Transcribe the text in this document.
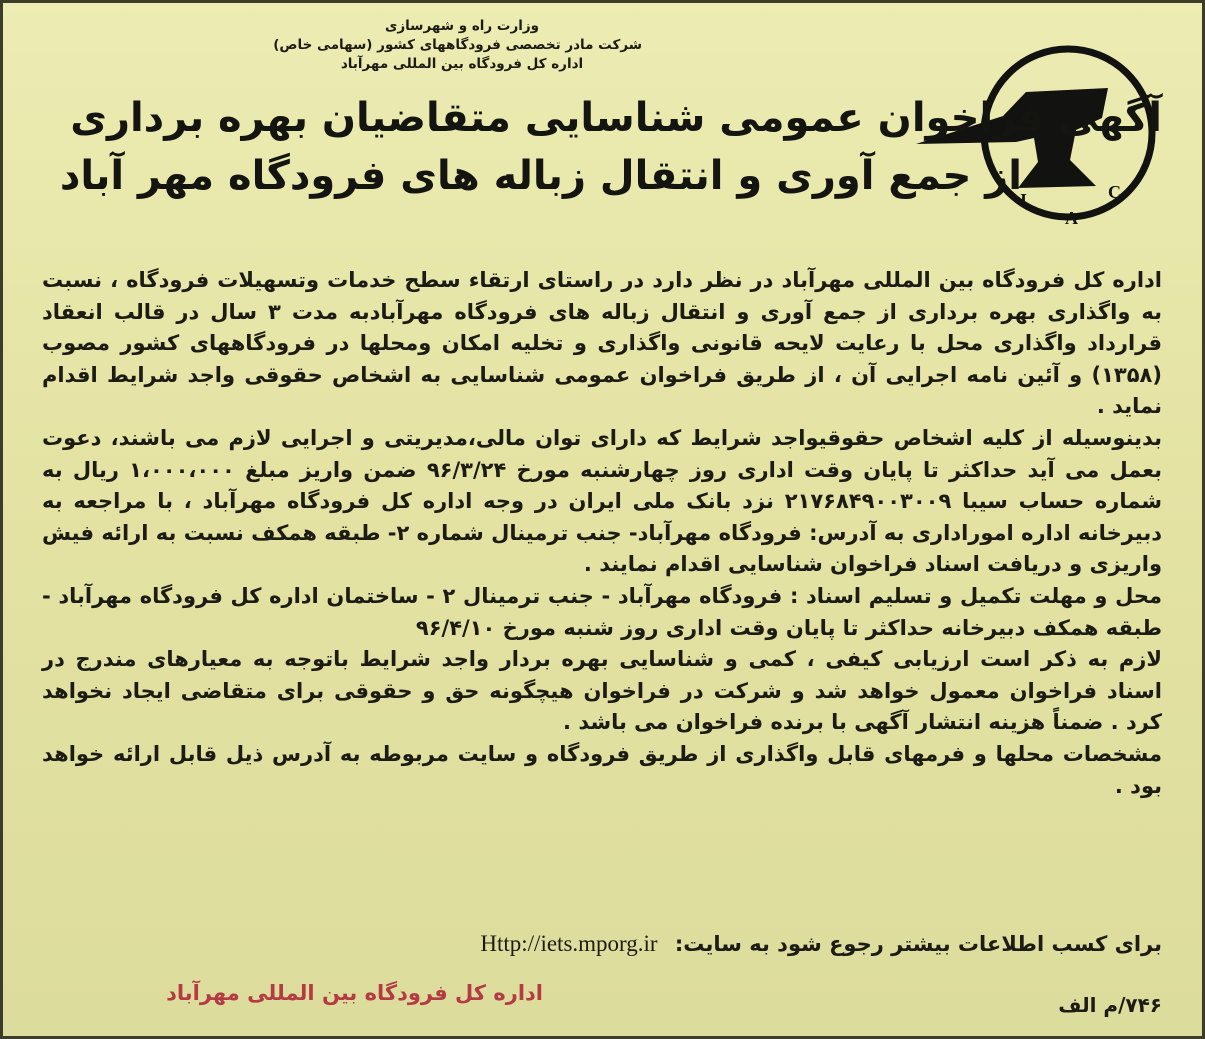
وزارت راه و شهرسازی
شرکت مادر تخصصی فرودگاههای کشور (سهامی خاص)
اداره کل فرودگاه بین المللی مهرآباد
I
A
C
آگهی فراخوان عمومی شناسایی متقاضیان بهره برداری
از جمع آوری و انتقال زباله های فرودگاه مهر آباد

اداره کل فرودگاه بین المللی مهرآباد در نظر دارد در راستای ارتقاء سطح خدمات وتسهیلات فرودگاه ، نسبت به واگذاری بهره برداری از جمع آوری و انتقال زباله های فرودگاه مهرآبادبه مدت ۳ سال در قالب انعقاد قرارداد واگذاری محل با رعایت لایحه قانونی واگذاری و تخلیه امکان ومحلها در فرودگاههای کشور مصوب (۱۳۵۸) و آئین نامه اجرایی آن ، از طریق فراخوان عمومی شناسایی به اشخاص حقوقی واجد شرایط اقدام نماید .

بدینوسیله از کلیه اشخاص حقوقیواجد شرایط که دارای توان مالی،مدیریتی و اجرایی لازم می باشند، دعوت بعمل می آید حداکثر تا پایان وقت اداری روز چهارشنبه مورخ ۹۶/۳/۲۴ ضمن واریز مبلغ ۱،۰۰۰،۰۰۰ ریال به شماره حساب سیبا ۲۱۷۶۸۴۹۰۰۳۰۰۹ نزد بانک ملی ایران در وجه اداره کل فرودگاه مهرآباد ، با مراجعه به دبیرخانه اداره اموراداری به آدرس: فرودگاه مهرآباد- جنب ترمینال شماره ۲- طبقه همکف نسبت به ارائه فیش واریزی و دریافت اسناد فراخوان شناسایی اقدام نمایند .

محل و مهلت تکمیل و تسلیم اسناد : فرودگاه مهرآباد - جنب ترمینال ۲ - ساختمان اداره کل فرودگاه مهرآباد - طبقه همکف دبیرخانه حداکثر تا پایان وقت اداری روز شنبه مورخ ۹۶/۴/۱۰

لازم به ذکر است ارزیابی کیفی ، کمی و شناسایی بهره بردار واجد شرایط باتوجه به معیارهای مندرج در اسناد فراخوان معمول خواهد شد و شرکت در فراخوان هیچگونه حق و حقوقی برای متقاضی ایجاد نخواهد کرد . ضمناً هزینه انتشار آگهی با برنده فراخوان می باشد .

مشخصات محلها و فرمهای قابل واگذاری از طریق فرودگاه و سایت مربوطه به آدرس ذیل قابل ارائه خواهد بود .

برای کسب اطلاعات بیشتر رجوع شود به سایت: Http://iets.mporg.ir
۷۴۶/م الف
اداره کل فرودگاه بین المللی مهرآباد
